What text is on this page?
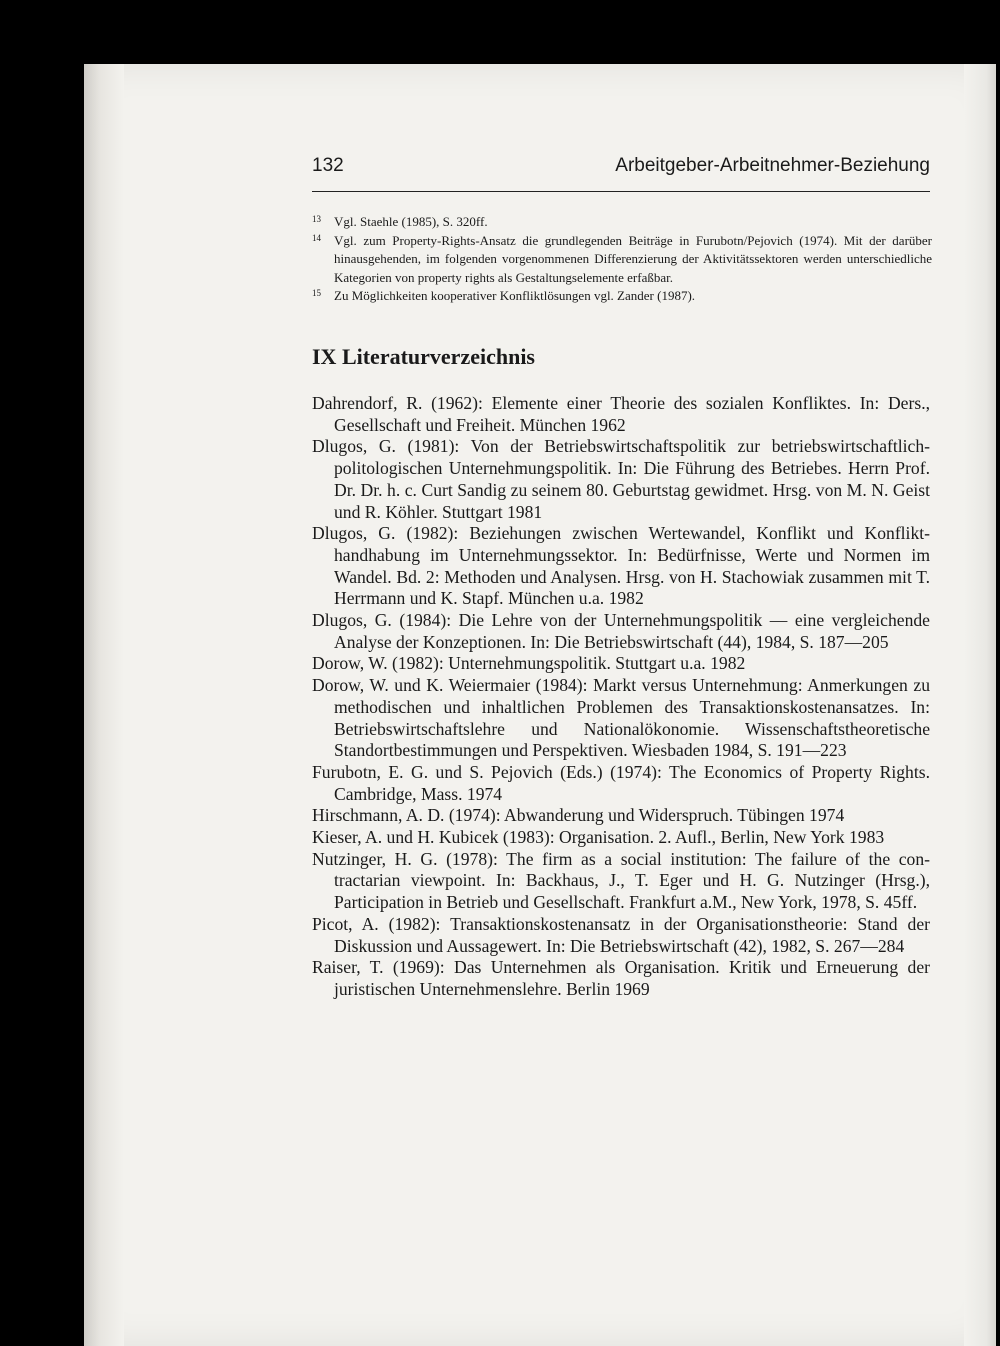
132	Arbeitgeber-Arbeitnehmer-Beziehung
13 Vgl. Staehle (1985), S. 320ff.
14 Vgl. zum Property-Rights-Ansatz die grundlegenden Beiträge in Furubotn/Pejovich (1974). Mit der darüber hinausgehenden, im folgenden vorgenommenen Differenzierung der Aktivitätssektoren werden unterschiedliche Kategorien von property rights als Gestaltungselemente erfaßbar.
15 Zu Möglichkeiten kooperativer Konfliktlösungen vgl. Zander (1987).
IX Literaturverzeichnis
Dahrendorf, R. (1962): Elemente einer Theorie des sozialen Konfliktes. In: Ders., Gesellschaft und Freiheit. München 1962
Dlugos, G. (1981): Von der Betriebswirtschaftspolitik zur betriebswirtschaftlichpolitologischen Unternehmungspolitik. In: Die Führung des Betriebes. Herrn Prof. Dr. Dr. h. c. Curt Sandig zu seinem 80. Geburtstag gewidmet. Hrsg. von M. N. Geist und R. Köhler. Stuttgart 1981
Dlugos, G. (1982): Beziehungen zwischen Wertewandel, Konflikt und Konflikthandhabung im Unternehmungssektor. In: Bedürfnisse, Werte und Normen im Wandel. Bd. 2: Methoden und Analysen. Hrsg. von H. Stachowiak zusammen mit T. Herrmann und K. Stapf. München u.a. 1982
Dlugos, G. (1984): Die Lehre von der Unternehmungspolitik — eine vergleichende Analyse der Konzeptionen. In: Die Betriebswirtschaft (44), 1984, S. 187—205
Dorow, W. (1982): Unternehmungspolitik. Stuttgart u.a. 1982
Dorow, W. und K. Weiermaier (1984): Markt versus Unternehmung: Anmerkungen zu methodischen und inhaltlichen Problemen des Transaktionskostenansatzes. In: Betriebswirtschaftslehre und Nationalökonomie. Wissenschaftstheoretische Standortbestimmungen und Perspektiven. Wiesbaden 1984, S. 191—223
Furubotn, E. G. und S. Pejovich (Eds.) (1974): The Economics of Property Rights. Cambridge, Mass. 1974
Hirschmann, A. D. (1974): Abwanderung und Widerspruch. Tübingen 1974
Kieser, A. und H. Kubicek (1983): Organisation. 2. Aufl., Berlin, New York 1983
Nutzinger, H. G. (1978): The firm as a social institution: The failure of the contractarian viewpoint. In: Backhaus, J., T. Eger und H. G. Nutzinger (Hrsg.), Participation in Betrieb und Gesellschaft. Frankfurt a.M., New York, 1978, S. 45ff.
Picot, A. (1982): Transaktionskostenansatz in der Organisationstheorie: Stand der Diskussion und Aussagewert. In: Die Betriebswirtschaft (42), 1982, S. 267—284
Raiser, T. (1969): Das Unternehmen als Organisation. Kritik und Erneuerung der juristischen Unternehmenslehre. Berlin 1969
